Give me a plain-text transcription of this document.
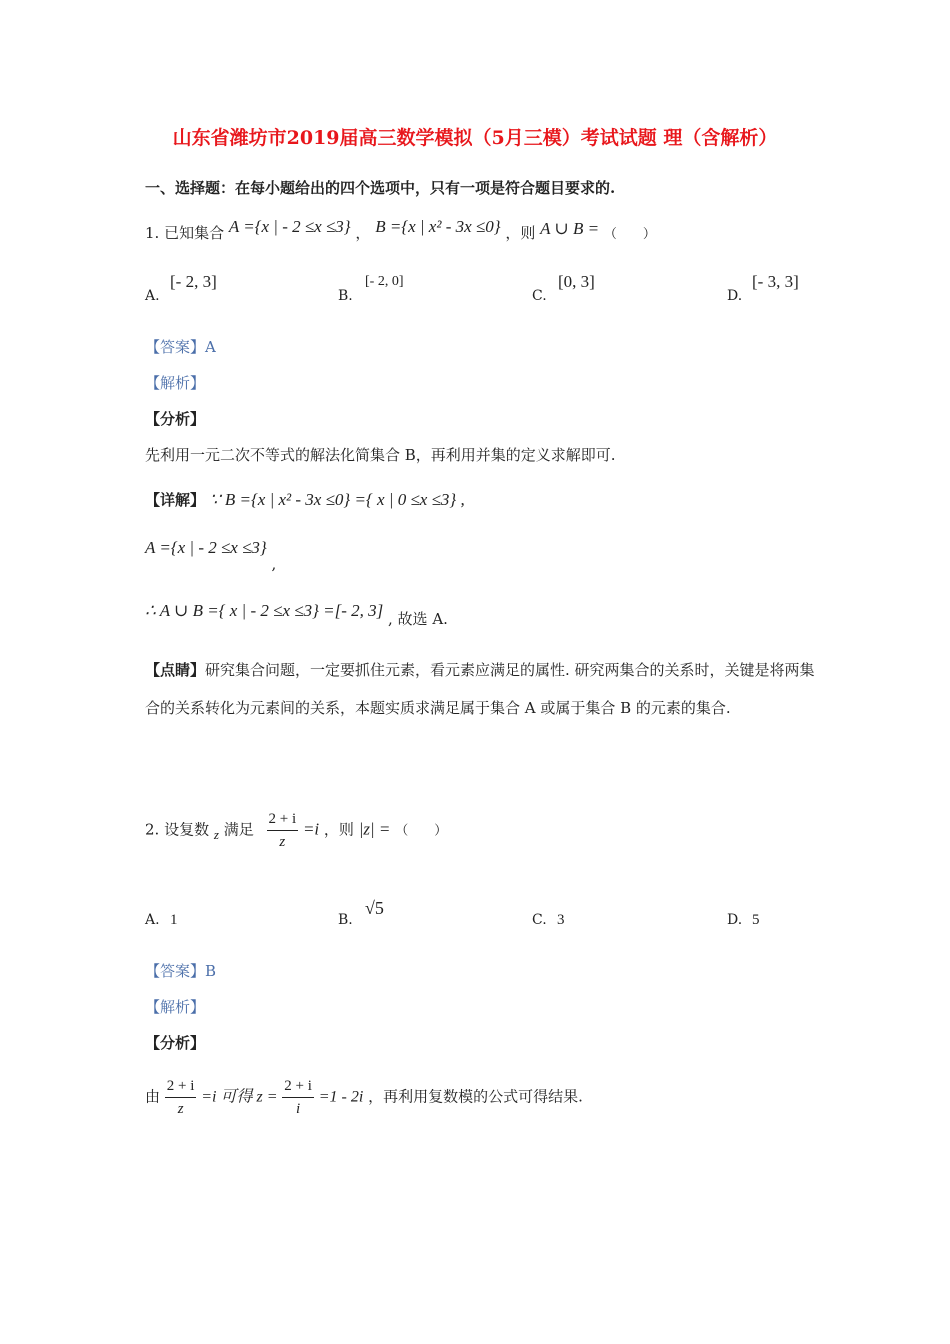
山东省潍坊市2019届高三数学模拟（5月三模）考试试题 理（含解析）
一、选择题：在每小题给出的四个选项中，只有一项是符合题目要求的.
1. 已知集合 A ={x | - 2 ≤x ≤3} ， B ={x | x² - 3x ≤0} ，则 A ∪ B = （　　）
A.
[- 2, 3]
B.
[- 2, 0]
C.
[0, 3]
D.
[- 3, 3]
【答案】A
【解析】
【分析】
先利用一元二次不等式的解法化简集合 B，再利用并集的定义求解即可.
【详解】 ∵ B ={x | x² - 3x ≤0} ={ x | 0 ≤x ≤3} ,
A ={x | - 2 ≤x ≤3} ,
∴ A ∪ B ={ x | - 2 ≤x ≤3} =[- 2, 3] , 故选 A.
【点睛】研究集合问题，一定要抓住元素，看元素应满足的属性. 研究两集合的关系时，关键是将两集合的关系转化为元素间的关系，本题实质求满足属于集合 A 或属于集合 B 的元素的集合.
2. 设复数 z 满足 $\frac{2 + i}{z} =i$ ，则 |z| = （　　）
A. 1	B.
√5
C. 3	D. 5
【答案】B
【解析】
【分析】
由 $\frac{2 + i}{z} =i$ 可得 $z = \frac{2 + i}{i} =1 - 2i$ ，再利用复数模的公式可得结果.
